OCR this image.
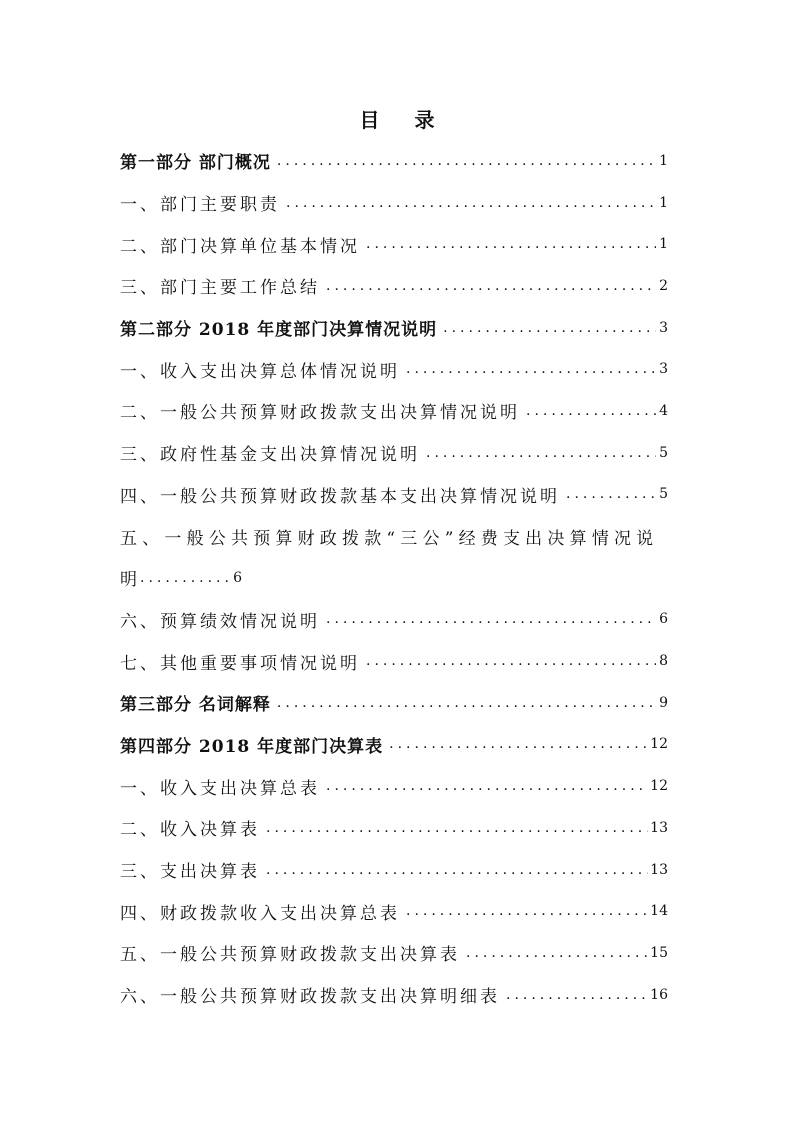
目 录
第一部分 部门概况 .....	1
一、部门主要职责 .....	1
二、部门决算单位基本情况 .....	1
三、部门主要工作总结 .....	2
第二部分 2018 年度部门决算情况说明 .....	3
一、收入支出决算总体情况说明 .....	3
二、一般公共预算财政拨款支出决算情况说明 .....	4
三、政府性基金支出决算情况说明 .....	5
四、一般公共预算财政拨款基本支出决算情况说明 .....	5
五、一般公共预算财政拨款“三公”经费支出决算情况说
明 .....	6
六、预算绩效情况说明 .....	6
七、其他重要事项情况说明 .....	8
第三部分 名词解释 .....	9
第四部分 2018 年度部门决算表 .....	12
一、收入支出决算总表 .....	12
二、收入决算表 .....	13
三、支出决算表 .....	13
四、财政拨款收入支出决算总表 .....	14
五、一般公共预算财政拨款支出决算表 .....	15
六、一般公共预算财政拨款支出决算明细表 .....	16
